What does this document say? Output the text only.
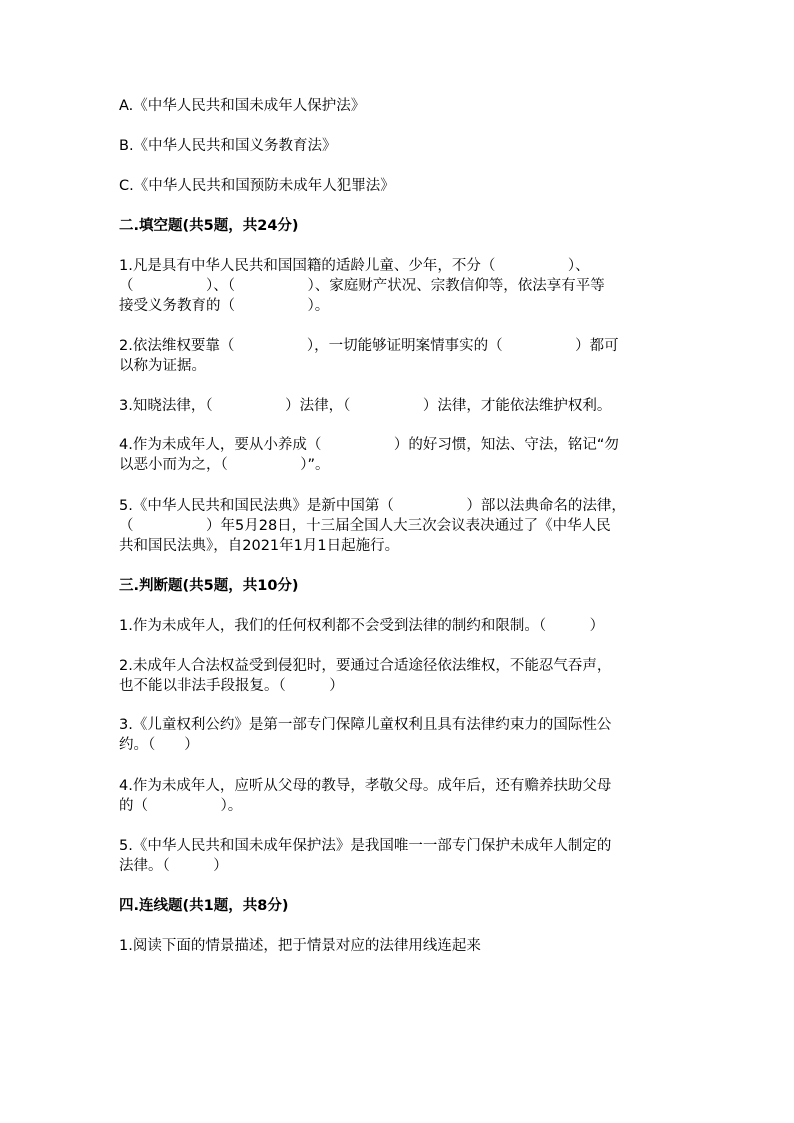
A.《中华人民共和国未成年人保护法》
B.《中华人民共和国义务教育法》
C.《中华人民共和国预防未成年人犯罪法》
二.填空题(共5题，共24分)
1.凡是具有中华人民共和国国籍的适龄儿童、少年，不分（　　　　　）、
（　　　　　）、（　　　　　）、家庭财产状况、宗教信仰等，依法享有平等
接受义务教育的（　　　　　）。
2.依法维权要靠（　　　　　），一切能够证明案情事实的（　　　　　）都可
以称为证据。
3.知晓法律，（　　　　　）法律，（　　　　　）法律，才能依法维护权利。
4.作为未成年人，要从小养成（　　　　　）的好习惯，知法、守法，铭记“勿
以恶小而为之，（　　　　　）”。
5.《中华人民共和国民法典》是新中国第（　　　　　）部以法典命名的法律，
（　　　　　）年5月28日，十三届全国人大三次会议表决通过了《中华人民
共和国民法典》，自2021年1月1日起施行。
三.判断题(共5题，共10分)
1.作为未成年人，我们的任何权利都不会受到法律的制约和限制。（　　　）
2.未成年人合法权益受到侵犯时，要通过合适途径依法维权，不能忍气吞声，
也不能以非法手段报复。（　　　）
3.《儿童权利公约》是第一部专门保障儿童权利且具有法律约束力的国际性公
约。（　　）
4.作为未成年人，应听从父母的教导，孝敬父母。成年后，还有赡养扶助父母
的（　　　　　）。
5.《中华人民共和国未成年保护法》是我国唯一一部专门保护未成年人制定的
法律。（　　　）
四.连线题(共1题，共8分)
1.阅读下面的情景描述，把于情景对应的法律用线连起来
